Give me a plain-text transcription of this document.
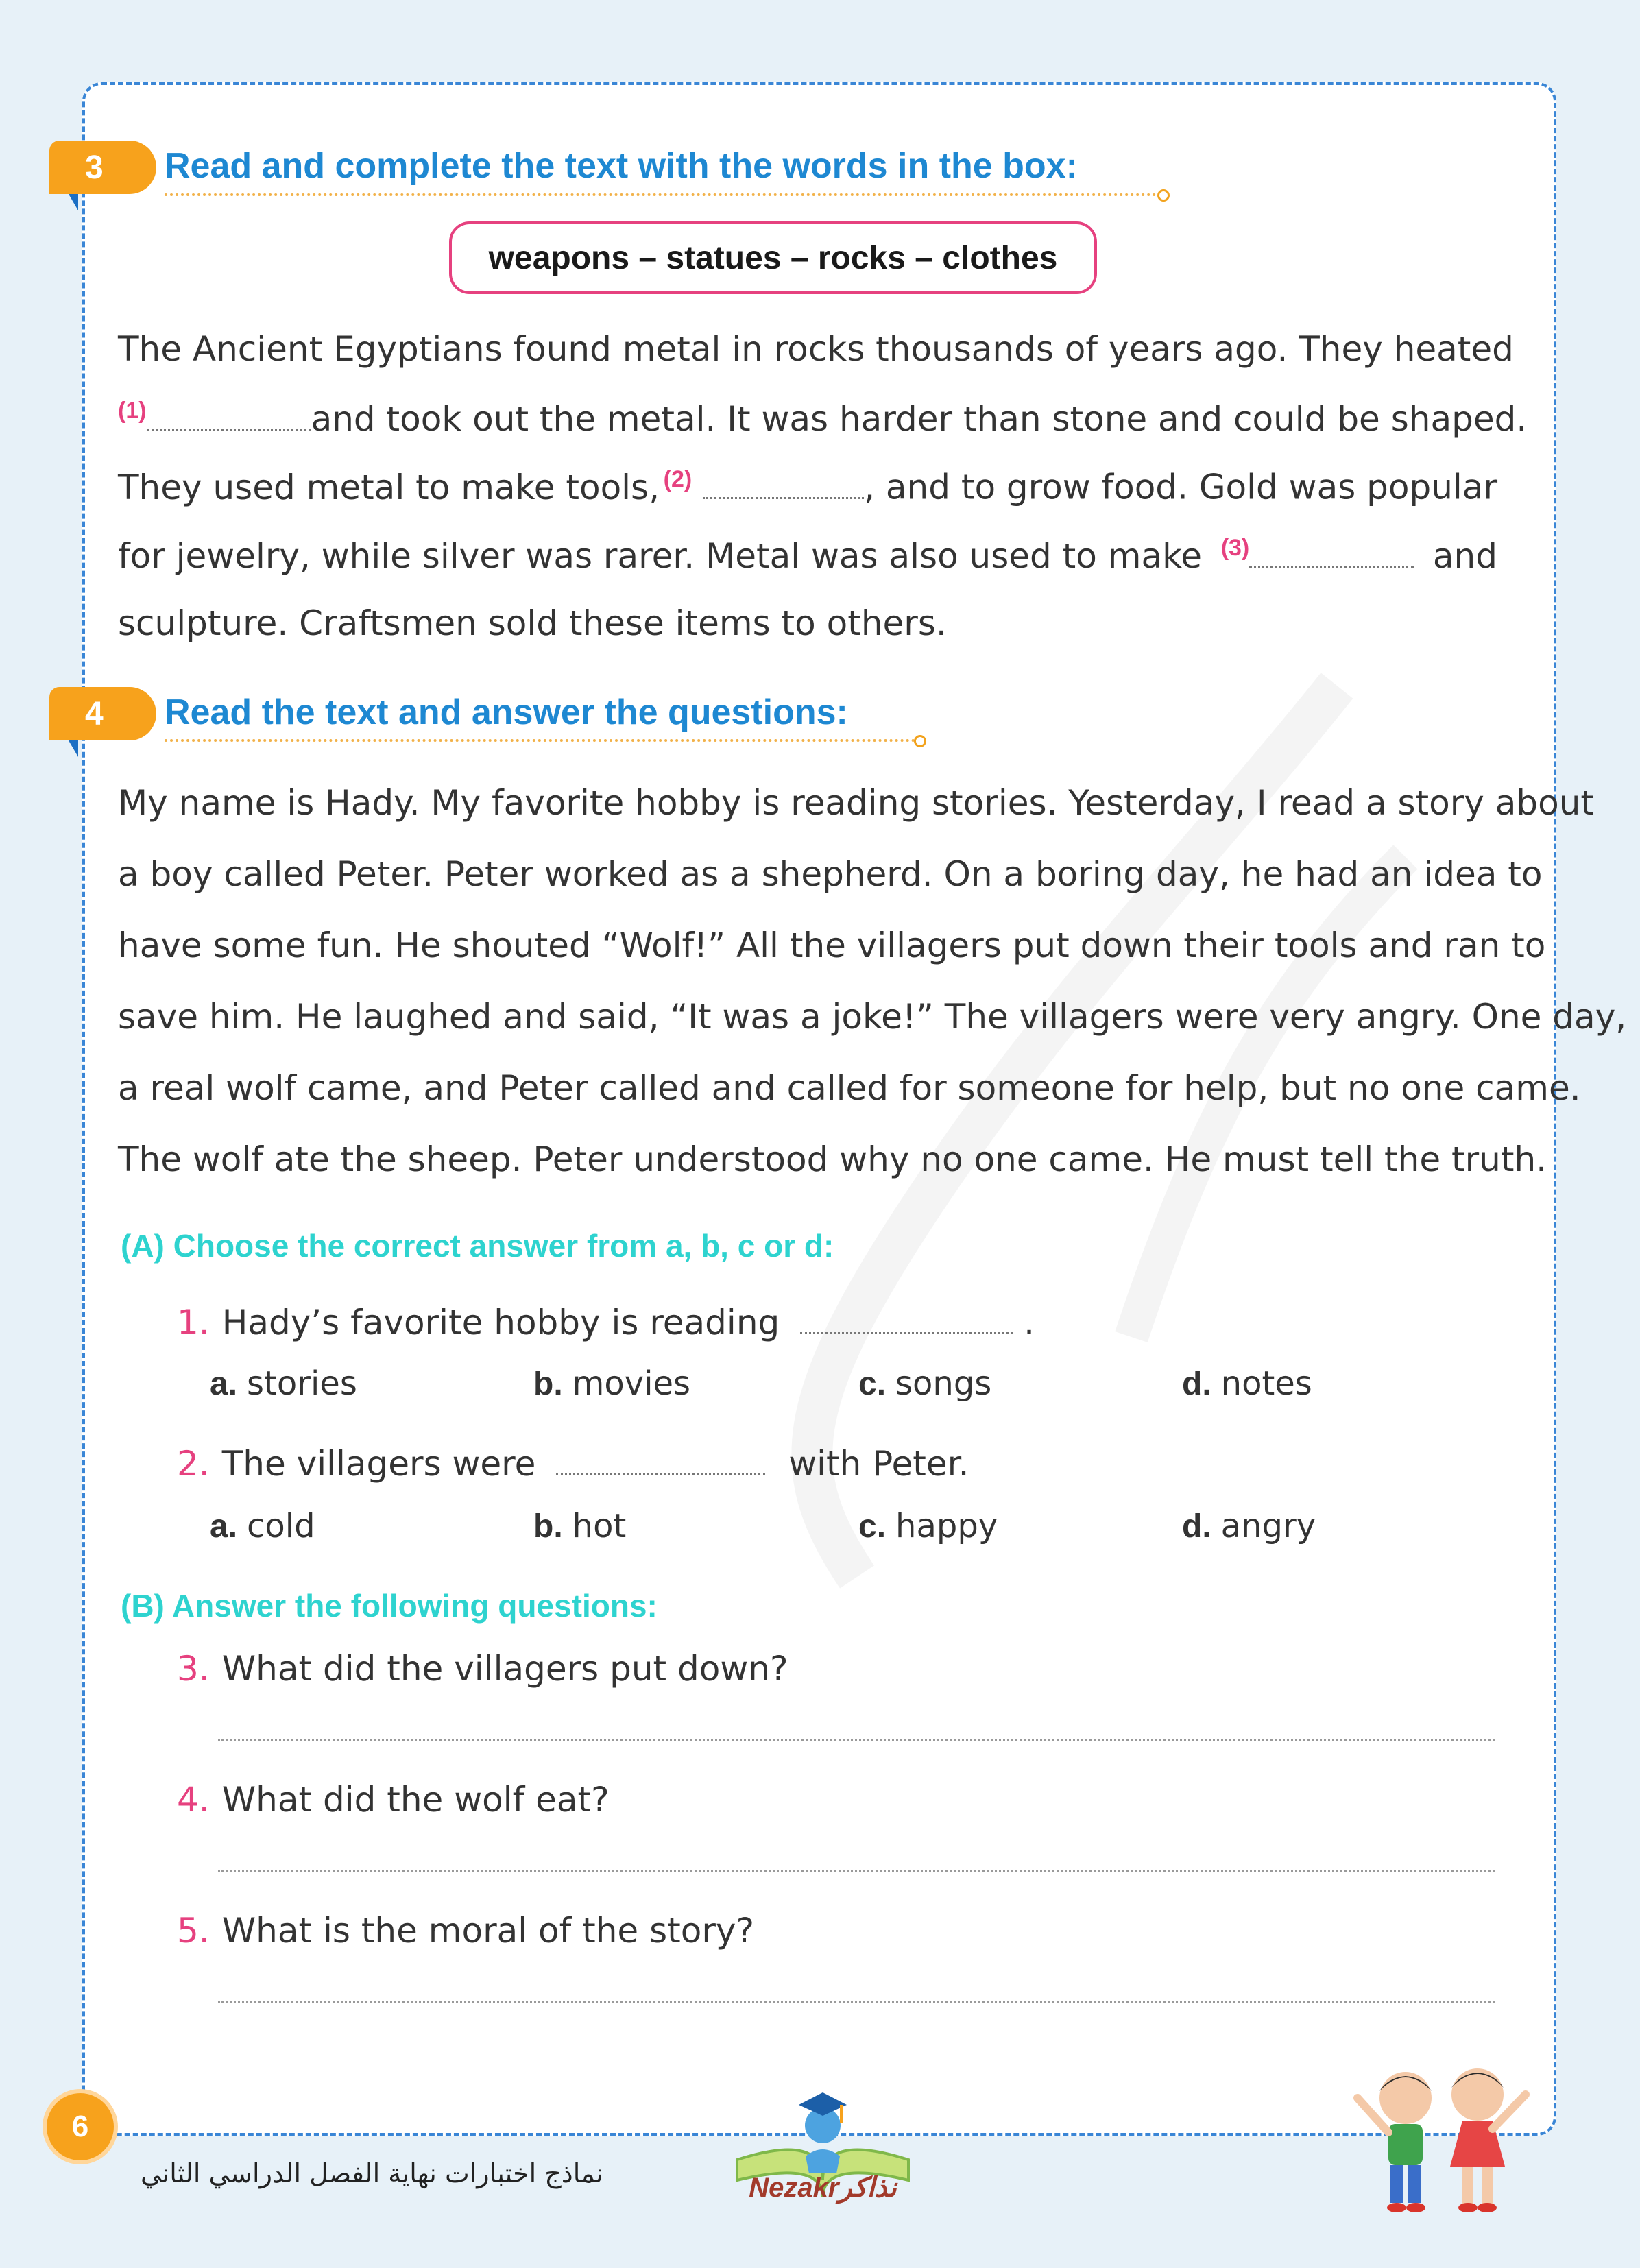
3	Read and complete the text with the words in the box:
weapons – statues – rocks – clothes
The Ancient Egyptians found metal in rocks thousands of years ago. They heated
$^{(1)}$	and took out the metal. It was harder than stone and could be shaped.
They used metal to make tools, $^{(2)}$	, and to grow food. Gold was popular
for jewelry, while silver was rarer. Metal was also used to make $^{(3)}$	and
sculpture. Craftsmen sold these items to others.
4	Read the text and answer the questions:
My name is Hady. My favorite hobby is reading stories. Yesterday, I read a story about
a boy called Peter. Peter worked as a shepherd. On a boring day, he had an idea to
have some fun. He shouted “Wolf!” All the villagers put down their tools and ran to
save him. He laughed and said, “It was a joke!” The villagers were very angry. One day,
a real wolf came, and Peter called and called for someone for help, but no one came.
The wolf ate the sheep. Peter understood why no one came. He must tell the truth.
(A) Choose the correct answer from a, b, c or d:
1. Hady’s favorite hobby is reading	.
a. stories	b. movies	c. songs	d. notes
2. The villagers were	with Peter.
a. cold	b. hot	c. happy	d. angry
(B) Answer the following questions:
3. What did the villagers put down?
4. What did the wolf eat?
5. What is the moral of the story?
6
نماذج اختبارات نهاية الفصل الدراسي الثاني	Nezakrنذاكر
